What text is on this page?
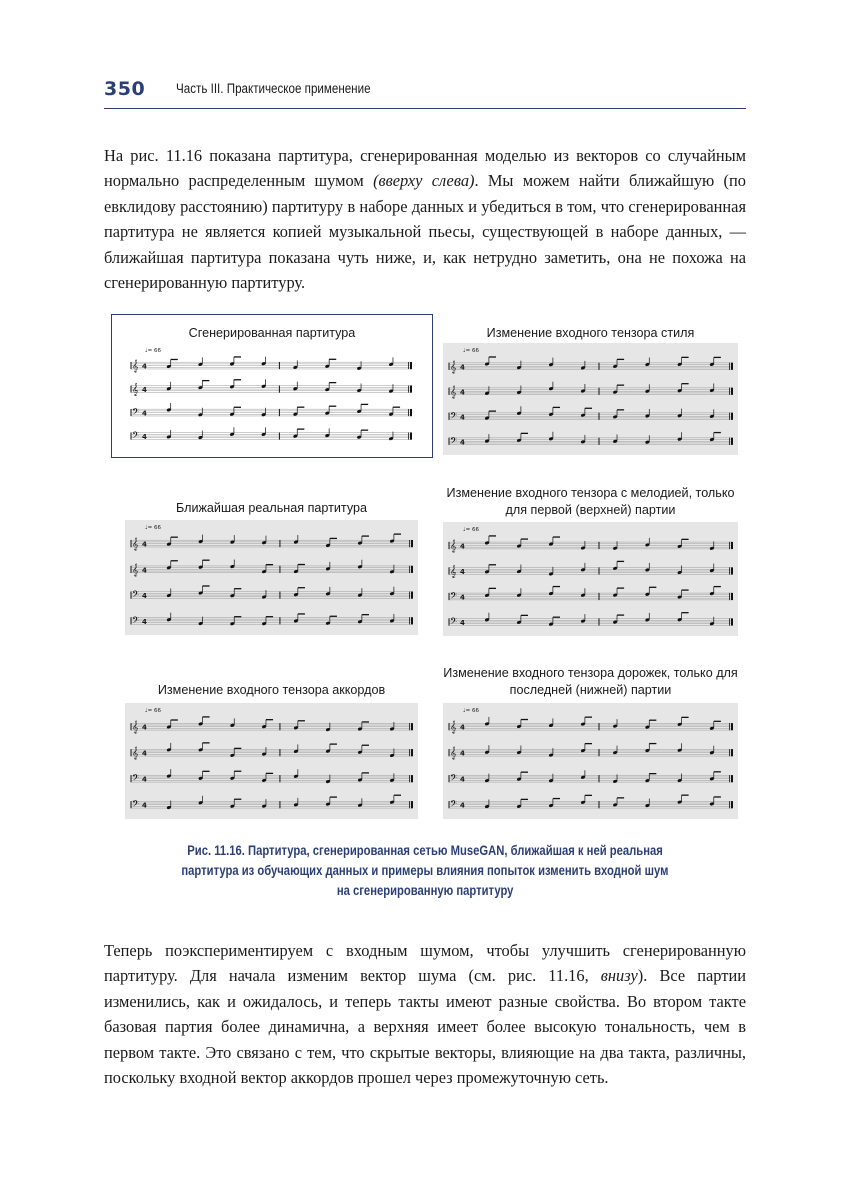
350 Часть III. Практическое применение

На рис. 11.16 показана партитура, сгенерированная моделью из векторов со случайным нормально распределенным шумом (вверху слева). Мы можем найти ближайшую (по евклидову расстоянию) партитуру в наборе данных и убедиться в том, что сгенерированная партитура не является копией музыкальной пьесы, существующей в наборе данных, — ближайшая партитура показана чуть ниже, и, как нетрудно заметить, она не похожа на сгенерированную партитуру.

Сгенерированная партитура
♩= 66
𝄞 4
𝄞 4
𝄢 4
𝄢 4
Изменение входного тензора стиля
♩= 66
𝄞 4
𝄞 4
𝄢 4
𝄢 4
Ближайшая реальная партитура
♩= 66
𝄞 4
𝄞 4
𝄢 4
𝄢 4
Изменение входного тензора с мелодией, только для первой (верхней) партии
♩= 66
𝄞 4
𝄞 4
𝄢 4
𝄢 4
Изменение входного тензора аккордов
♩= 66
𝄞 4
𝄞 4
𝄢 4
𝄢 4
Изменение входного тензора дорожек, только для последней (нижней) партии
♩= 66
𝄞 4
𝄞 4
𝄢 4
𝄢 4
Рис. 11.16. Партитура, сгенерированная сетью MuseGAN, ближайшая к ней реальная
партитура из обучающих данных и примеры влияния попыток изменить входной шум
на сгенерированную партитуру

Теперь поэкспериментируем с входным шумом, чтобы улучшить сгенерированную партитуру. Для начала изменим вектор шума (см. рис. 11.16, внизу). Все партии изменились, как и ожидалось, и теперь такты имеют разные свойства. Во втором такте базовая партия более динамична, а верхняя имеет более высокую тональность, чем в первом такте. Это связано с тем, что скрытые векторы, влияющие на два такта, различны, поскольку входной вектор аккордов прошел через промежуточную сеть.
